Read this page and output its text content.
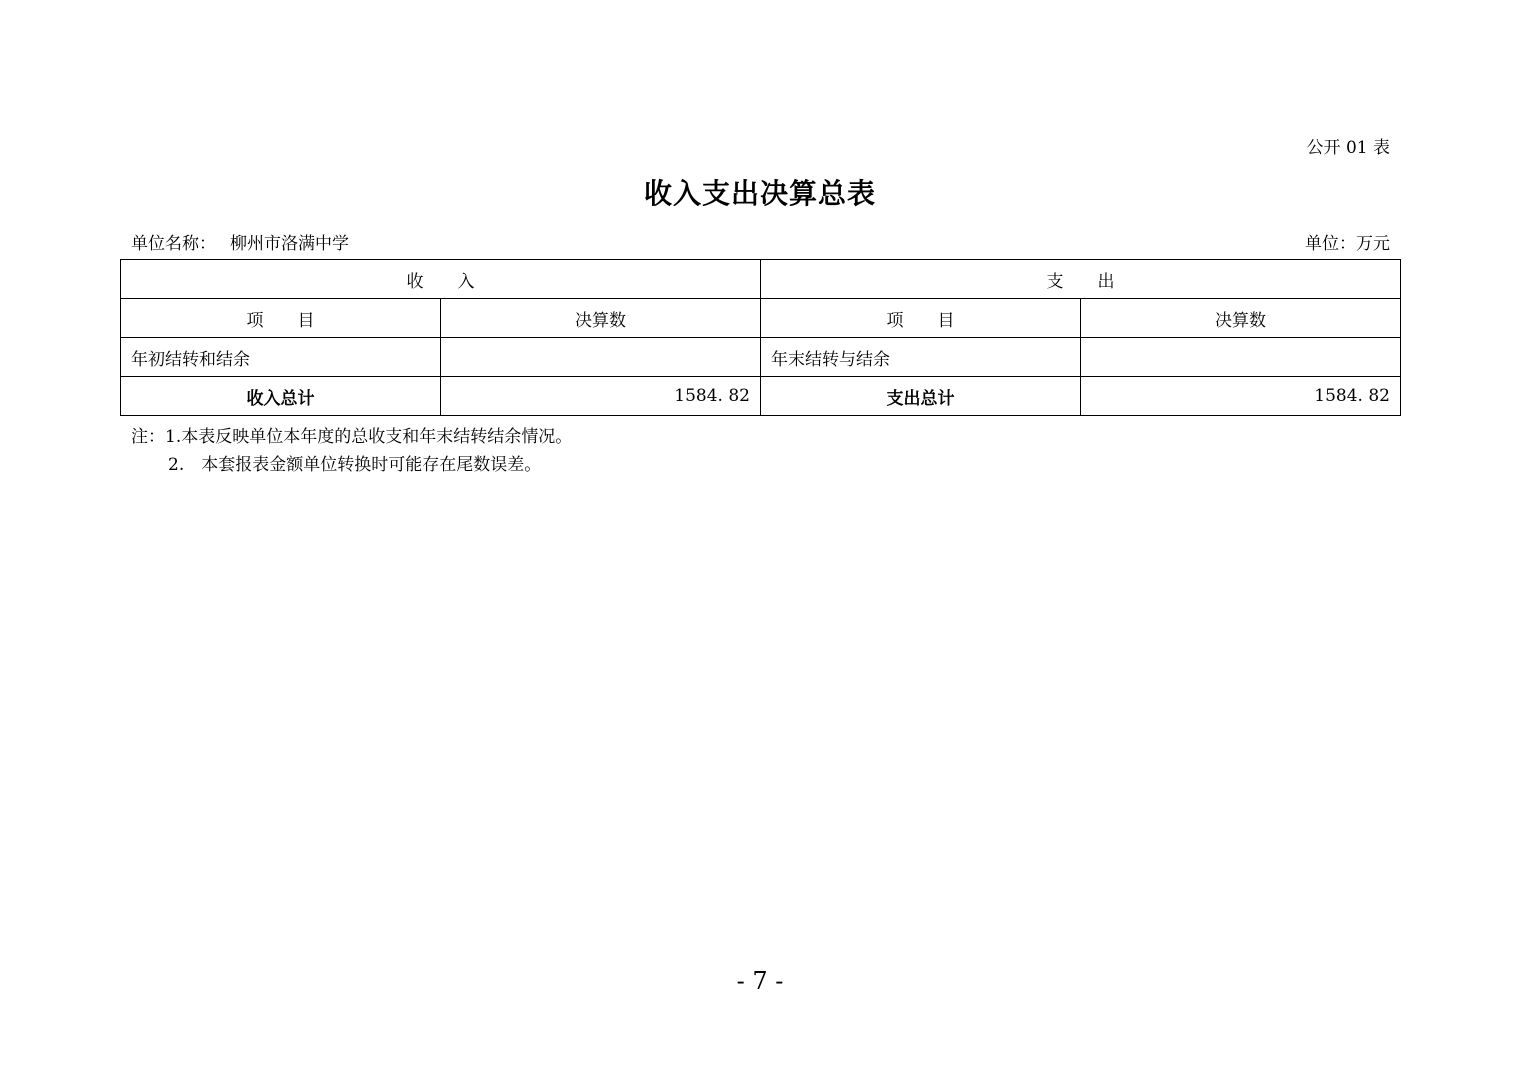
公开 01 表
收入支出决算总表
单位名称： 柳州市洛满中学	单位：万元
收　　入		支　　出	
项　　目	决算数	项　　目	决算数
年初结转和结余		年末结转与结余	
收入总计	1584. 82	支出总计	1584. 82
注：1.本表反映单位本年度的总收支和年末结转结余情况。
2.　本套报表金额单位转换时可能存在尾数误差。
- 7 -
